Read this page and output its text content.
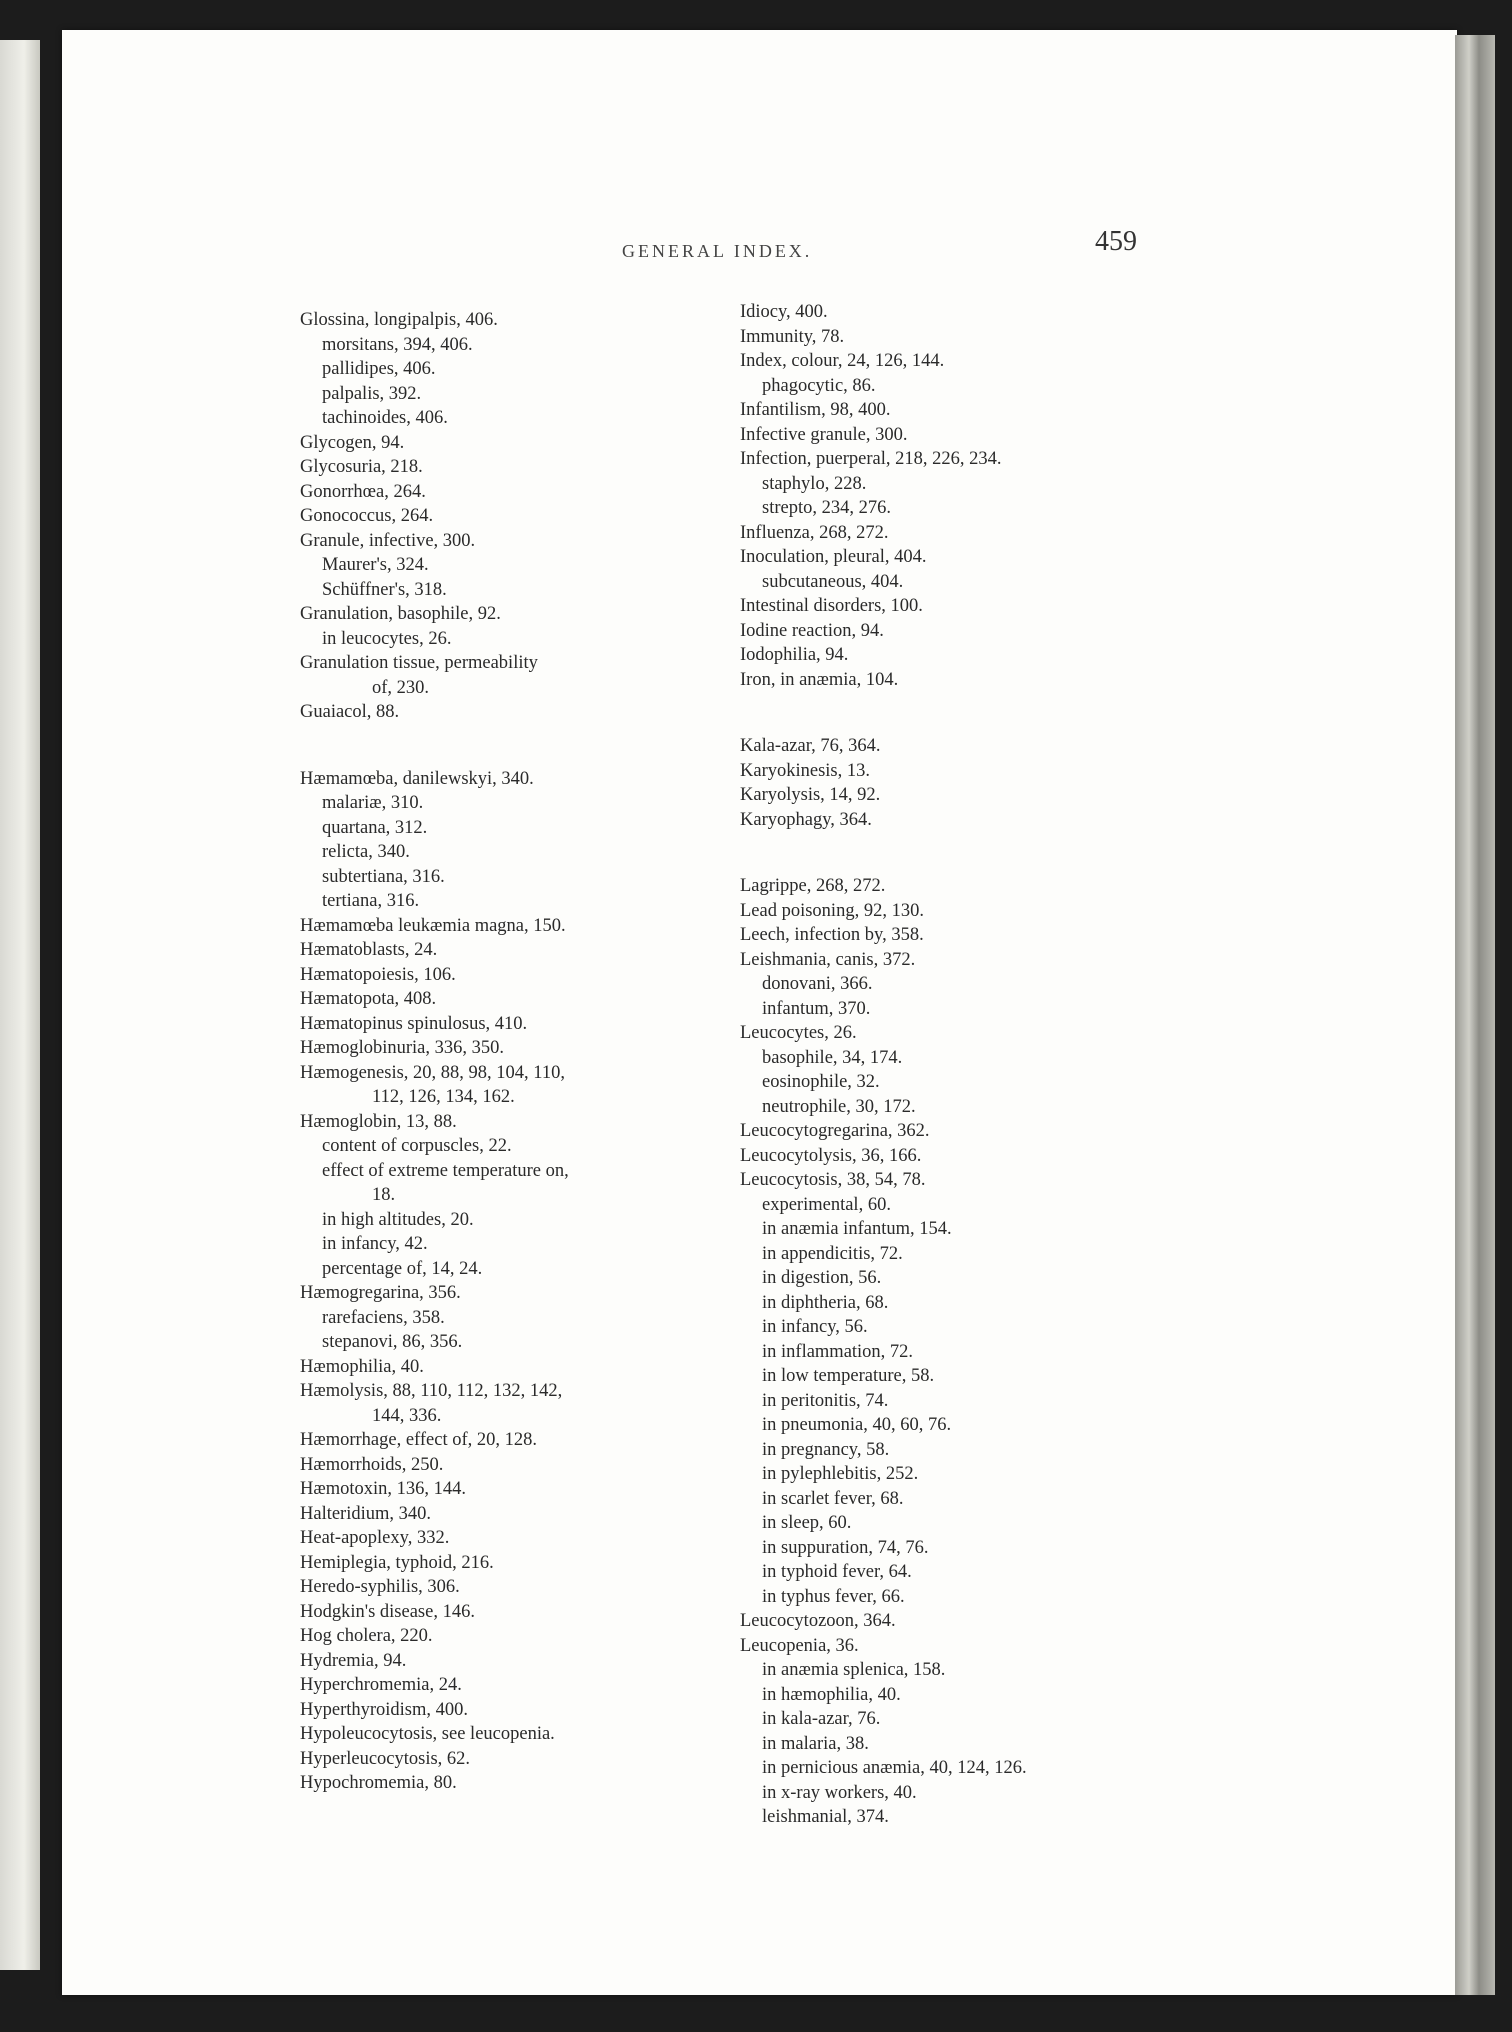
GENERAL INDEX.	459
Glossina, longipalpis, 406.
morsitans, 394, 406.
pallidipes, 406.
palpalis, 392.
tachinoides, 406.
Glycogen, 94.
Glycosuria, 218.
Gonorrhœa, 264.
Gonococcus, 264.
Granule, infective, 300.
Maurer's, 324.
Schüffner's, 318.
Granulation, basophile, 92.
in leucocytes, 26.
Granulation tissue, permeability
of, 230.
Guaiacol, 88.
Hæmamœba, danilewskyi, 340.
malariæ, 310.
quartana, 312.
relicta, 340.
subtertiana, 316.
tertiana, 316.
Hæmamœba leukæmia magna, 150.
Hæmatoblasts, 24.
Hæmatopoiesis, 106.
Hæmatopota, 408.
Hæmatopinus spinulosus, 410.
Hæmoglobinuria, 336, 350.
Hæmogenesis, 20, 88, 98, 104, 110,
112, 126, 134, 162.
Hæmoglobin, 13, 88.
content of corpuscles, 22.
effect of extreme temperature on,
18.
in high altitudes, 20.
in infancy, 42.
percentage of, 14, 24.
Hæmogregarina, 356.
rarefaciens, 358.
stepanovi, 86, 356.
Hæmophilia, 40.
Hæmolysis, 88, 110, 112, 132, 142,
144, 336.
Hæmorrhage, effect of, 20, 128.
Hæmorrhoids, 250.
Hæmotoxin, 136, 144.
Halteridium, 340.
Heat-apoplexy, 332.
Hemiplegia, typhoid, 216.
Heredo-syphilis, 306.
Hodgkin's disease, 146.
Hog cholera, 220.
Hydremia, 94.
Hyperchromemia, 24.
Hyperthyroidism, 400.
Hypoleucocytosis, see leucopenia.
Hyperleucocytosis, 62.
Hypochromemia, 80.
Idiocy, 400.
Immunity, 78.
Index, colour, 24, 126, 144.
phagocytic, 86.
Infantilism, 98, 400.
Infective granule, 300.
Infection, puerperal, 218, 226, 234.
staphylo, 228.
strepto, 234, 276.
Influenza, 268, 272.
Inoculation, pleural, 404.
subcutaneous, 404.
Intestinal disorders, 100.
Iodine reaction, 94.
Iodophilia, 94.
Iron, in anæmia, 104.
Kala-azar, 76, 364.
Karyokinesis, 13.
Karyolysis, 14, 92.
Karyophagy, 364.
Lagrippe, 268, 272.
Lead poisoning, 92, 130.
Leech, infection by, 358.
Leishmania, canis, 372.
donovani, 366.
infantum, 370.
Leucocytes, 26.
basophile, 34, 174.
eosinophile, 32.
neutrophile, 30, 172.
Leucocytogregarina, 362.
Leucocytolysis, 36, 166.
Leucocytosis, 38, 54, 78.
experimental, 60.
in anæmia infantum, 154.
in appendicitis, 72.
in digestion, 56.
in diphtheria, 68.
in infancy, 56.
in inflammation, 72.
in low temperature, 58.
in peritonitis, 74.
in pneumonia, 40, 60, 76.
in pregnancy, 58.
in pylephlebitis, 252.
in scarlet fever, 68.
in sleep, 60.
in suppuration, 74, 76.
in typhoid fever, 64.
in typhus fever, 66.
Leucocytozoon, 364.
Leucopenia, 36.
in anæmia splenica, 158.
in hæmophilia, 40.
in kala-azar, 76.
in malaria, 38.
in pernicious anæmia, 40, 124, 126.
in x-ray workers, 40.
leishmanial, 374.
